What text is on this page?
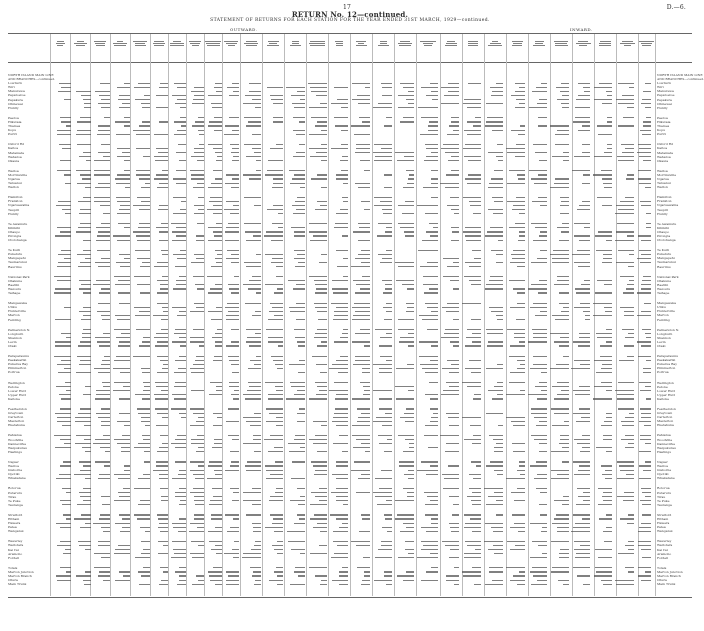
17	D.—6.
RETURN No. 12—continued.
STATEMENT OF RETURNS FOR EACH STATION FOR THE YEAR ENDED 31ST MARCH, 1929—continued.
OUTWARD.	INWARD.
NORTH ISLAND MAIN LINE
AND BRANCHES—continued.
Lowburn
Wiri
Manurewa
Papatoetoe
Papakura
Ohinewai
Huntly
Paeroa
Hikutaia
Thames
Kopu
Puriri
Oxford Rd
Kaitoa
Matamata
Waharoa
Okauia
Waitoa
Morrinsville
Ngarua
Tatuanui
Walton
Hamilton
Frankton
Ngaruawahia
Taupiri
Huntly
Te Awamutu
Kihikihi
Ohaupo
Pirongia
Otorohanga
Te Kuiti
Puketutu
Mangapehi
Taumarunui
Raurimu
National Park
Ohakune
Raetihi
Waiouru
Taihape
Mangaweka
Utiku
Hunterville
Marton
Feilding
Palmerston N.
Longburn
Shannon
Levin
Otaki
Paraparaumu
Paekakariki
Pukerua Bay
Plimmerton
Porirua
Wellington
Petone
Lower Hutt
Upper Hutt
Kaitoke
Featherston
Greytown
Carterton
Masterton
Eketahuna
Pahiatua
Woodville
Dannevirke
Waipukurau
Hastings
Napier
Wairoa
Gisborne
Opotiki
Whakatane
Rotorua
Putaruru
Tirau
Te Puke
Tauranga
Stratford
Eltham
Hawera
Patea
Wanganui
Waverley
Waitotara
Kai Iwi
Aramoho
Fordell
Totals
Marton Junction
Marton Branch
Ohura
Main Trunk
NORTH ISLAND MAIN LINE
AND BRANCHES—continued.
Lowburn
Wiri
Manurewa
Papatoetoe
Papakura
Ohinewai
Huntly
Paeroa
Hikutaia
Thames
Kopu
Puriri
Oxford Rd
Kaitoa
Matamata
Waharoa
Okauia
Waitoa
Morrinsville
Ngarua
Tatuanui
Walton
Hamilton
Frankton
Ngaruawahia
Taupiri
Huntly
Te Awamutu
Kihikihi
Ohaupo
Pirongia
Otorohanga
Te Kuiti
Puketutu
Mangapehi
Taumarunui
Raurimu
National Park
Ohakune
Raetihi
Waiouru
Taihape
Mangaweka
Utiku
Hunterville
Marton
Feilding
Palmerston N.
Longburn
Shannon
Levin
Otaki
Paraparaumu
Paekakariki
Pukerua Bay
Plimmerton
Porirua
Wellington
Petone
Lower Hutt
Upper Hutt
Kaitoke
Featherston
Greytown
Carterton
Masterton
Eketahuna
Pahiatua
Woodville
Dannevirke
Waipukurau
Hastings
Napier
Wairoa
Gisborne
Opotiki
Whakatane
Rotorua
Putaruru
Tirau
Te Puke
Tauranga
Stratford
Eltham
Hawera
Patea
Wanganui
Waverley
Waitotara
Kai Iwi
Aramoho
Fordell
Totals
Marton Junction
Marton Branch
Ohura
Main Trunk
